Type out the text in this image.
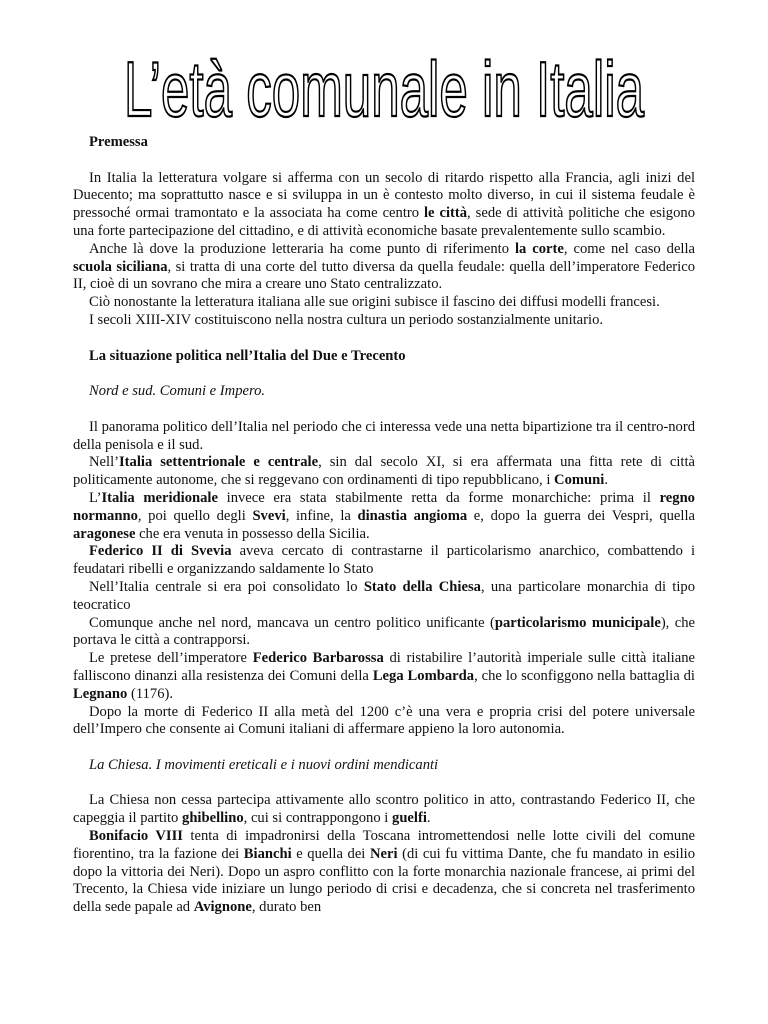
L’età comunale in Italia

Premessa

In Italia la letteratura volgare si afferma con un secolo di ritardo rispetto alla Francia, agli inizi del Duecento; ma soprattutto nasce e si sviluppa in un è contesto molto diverso, in cui il sistema feudale è pressoché ormai tramontato e la associata ha come centro le città, sede di attività politiche che esigono una forte partecipazione del cittadino, e di attività economiche basate prevalentemente sullo scambio.

Anche là dove la produzione letteraria ha come punto di riferimento la corte, come nel caso della scuola siciliana, si tratta di una corte del tutto diversa da quella feudale: quella dell’imperatore Federico II, cioè di un sovrano che mira a creare uno Stato centralizzato.

Ciò nonostante la letteratura italiana alle sue origini subisce il fascino dei diffusi modelli francesi.

I secoli XIII-XIV costituiscono nella nostra cultura un periodo sostanzialmente unitario.

La situazione politica nell’Italia del Due e Trecento

Nord e sud. Comuni e Impero.

Il panorama politico dell’Italia nel periodo che ci interessa vede una netta bipartizione tra il centro-nord della penisola e il sud.

Nell’Italia settentrionale e centrale, sin dal secolo XI, si era affermata una fitta rete di città politicamente autonome, che si reggevano con ordinamenti di tipo repubblicano, i Comuni.

L’Italia meridionale invece era stata stabilmente retta da forme monarchiche: prima il regno normanno, poi quello degli Svevi, infine, la dinastia angioma e, dopo la guerra dei Vespri, quella aragonese che era venuta in possesso della Sicilia.

Federico II di Svevia aveva cercato di contrastarne il particolarismo anarchico, combattendo i feudatari ribelli e organizzando saldamente lo Stato

Nell’Italia centrale si era poi consolidato lo Stato della Chiesa, una particolare monarchia di tipo teocratico

Comunque anche nel nord, mancava un centro politico unificante (particolarismo municipale), che portava le città a contrapporsi.

Le pretese dell’imperatore Federico Barbarossa di ristabilire l’autorità imperiale sulle città italiane falliscono dinanzi alla resistenza dei Comuni della Lega Lombarda, che lo sconfiggono nella battaglia di Legnano (1176).

Dopo la morte di Federico II alla metà del 1200 c’è una vera e propria crisi del potere universale dell’Impero che consente ai Comuni italiani di affermare appieno la loro autonomia.

La Chiesa. I movimenti ereticali e i nuovi ordini mendicanti

La Chiesa non cessa partecipa attivamente allo scontro politico in atto, contrastando Federico II, che capeggia il partito ghibellino, cui si contrappongono i guelfi.

Bonifacio VIII tenta di impadronirsi della Toscana intromettendosi nelle lotte civili del comune fiorentino, tra la fazione dei Bianchi e quella dei Neri (di cui fu vittima Dante, che fu mandato in esilio dopo la vittoria dei Neri). Dopo un aspro conflitto con la forte monarchia nazionale francese, ai primi del Trecento, la Chiesa vide iniziare un lungo periodo di crisi e decadenza, che si concreta nel trasferimento della sede papale ad Avignone, durato ben
